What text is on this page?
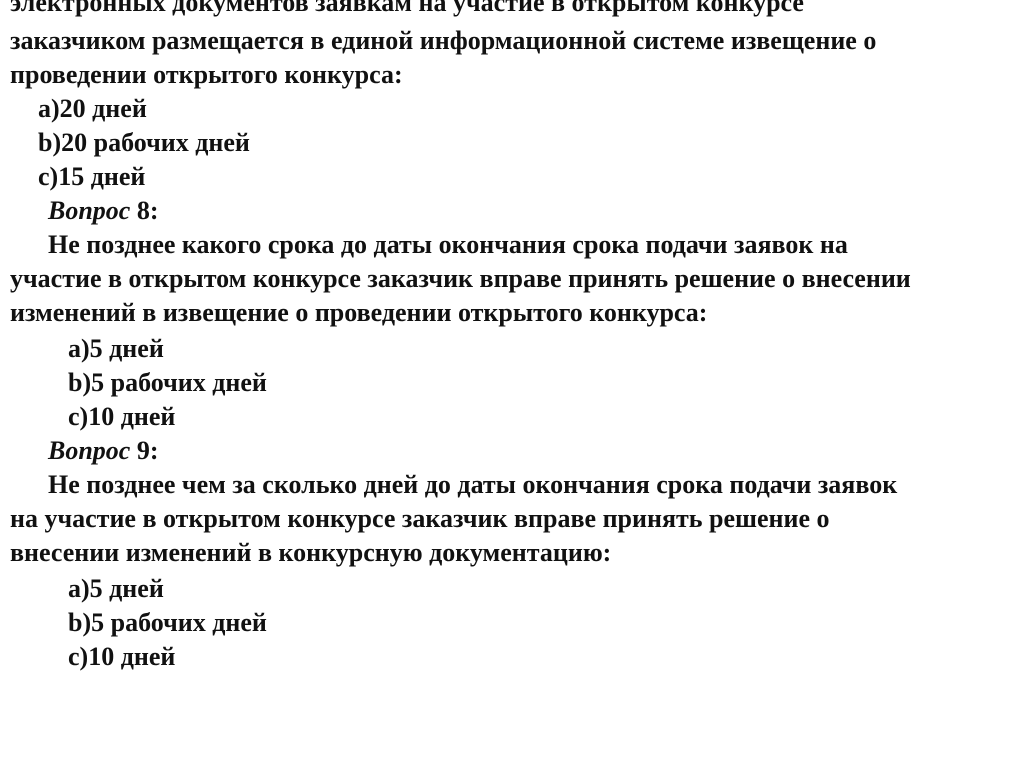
электронных документов заявкам на участие в открытом конкурсе
заказчиком размещается в единой информационной системе извещение о
проведении открытого конкурса:
a)20 дней
b)20 рабочих дней
c)15 дней
Вопрос 8:
Не позднее какого срока до даты окончания срока подачи заявок на
участие в открытом конкурсе заказчик вправе принять решение о внесении
изменений в извещение о проведении открытого конкурса:
a)5 дней
b)5 рабочих дней
c)10 дней
Вопрос 9:
Не позднее чем за сколько дней до даты окончания срока подачи заявок
на участие в открытом конкурсе заказчик вправе принять решение о
внесении изменений в конкурсную документацию:
a)5 дней
b)5 рабочих дней
c)10 дней
